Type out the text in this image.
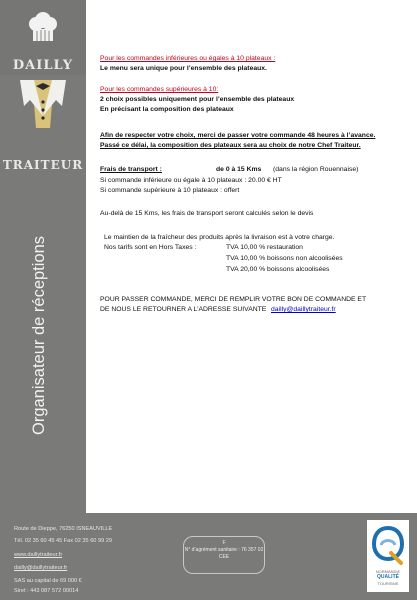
DAILLY
TRAITEUR
Organisateur de réceptions
Pour les commandes inférieures ou égales à 10 plateaux :
Le menu sera unique pour l’ensemble des plateaux.
Pour les commandes supérieures à 10:
2 choix possibles uniquement pour l’ensemble des plateaux
En précisant la composition des plateaux
Afin de respecter votre choix, merci de passer votre commande 48 heures à l’avance.
Passé ce délai, la composition des plateaux sera au choix de notre Chef Traiteur.
Frais de transport :	de 0 à 15 Kms (dans la région Rouennaise)
Si commande inférieure ou égale à 10 plateaux : 20.00 € HT
Si commande supérieure à 10 plateaux : offert
Au-delà de 15 Kms, les frais de transport seront calculés selon le devis
Le maintien de la fraîcheur des produits après la livraison est à votre charge.
Nos tarifs sont en Hors Taxes :	TVA 10,00 % restauration
TVA 10,00 % boissons non alcoolisées
TVA 20,00 % boissons alcoolisées
POUR PASSER COMMANDE, MERCI DE REMPLIR VOTRE BON DE COMMANDE ET
DE NOUS LE RETOURNER A L’ADRESSE SUIVANTE dailly@daillytraiteur.fr
Route de Dieppe, 76250 ISNEAUVILLE
Tél. 02 35 60 45 45 Fax 02 35 60 99 29
www.daillytraiteur.fr
dailly@daillytraiteur.fr
SAS au capital de 69 000 €
Siret : 443 087 572 00014
F
N° d’agrément sanitaire : 76 357 02
CEE
NORMANDIE
QUALITÉ
TOURISME
